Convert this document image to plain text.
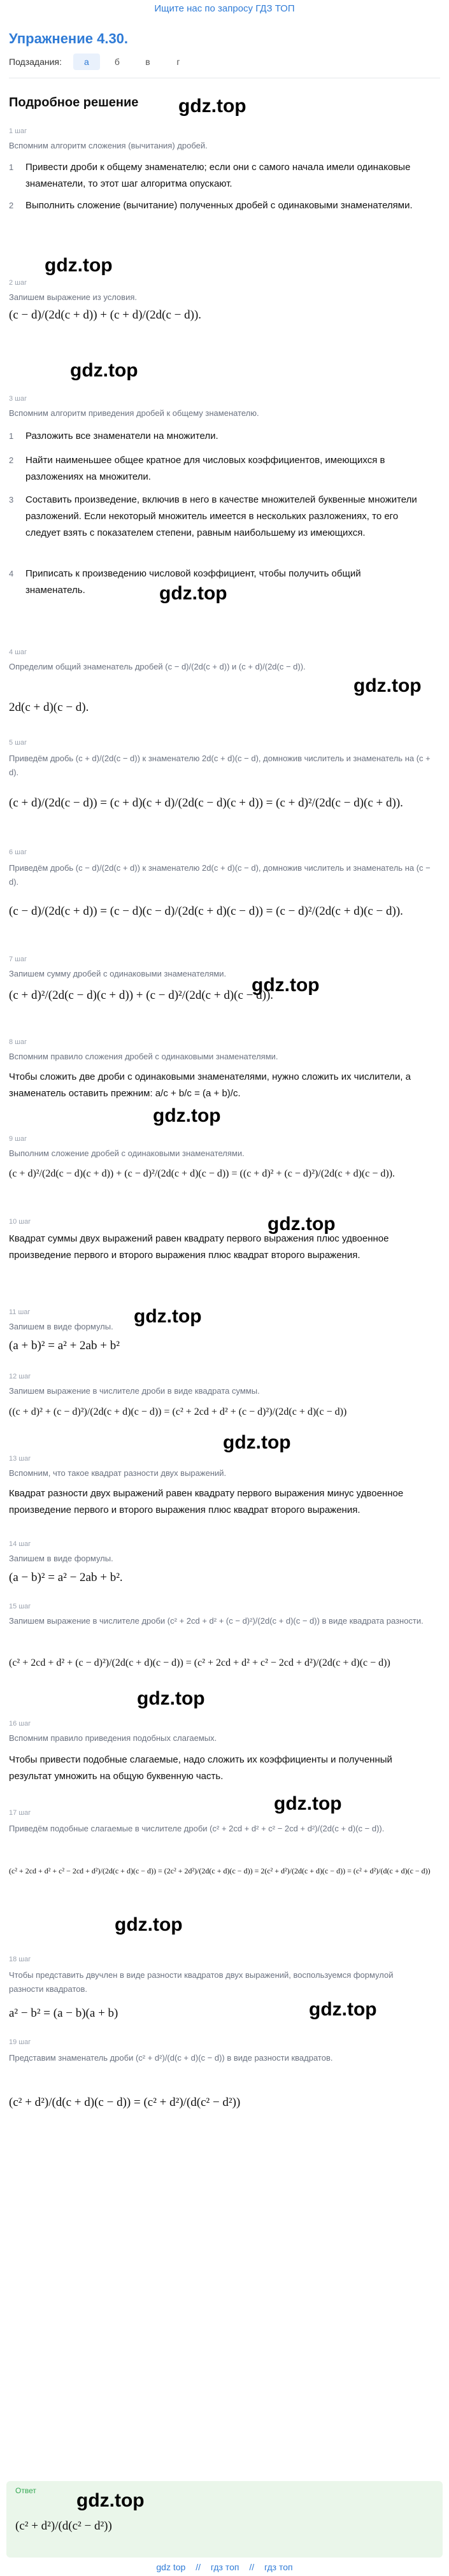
Ищите нас по запросу ГДЗ ТОП
Упражнение 4.30.
Подзадания:	а	б	в	г
Подробное решение
1 шаг
Вспомним алгоритм сложения (вычитания) дробей.
1 Привести дроби к общему знаменателю; если они с самого начала имели одинаковые знаменатели, то этот шаг алгоритма опускают.
2 Выполнить сложение (вычитание) полученных дробей с одинаковыми знаменателями.
gdz.top
gdz.top
2 шаг
Запишем выражение из условия.
(c − d)/(2d(c + d)) + (c + d)/(2d(c − d)).
gdz.top
3 шаг
Вспомним алгоритм приведения дробей к общему знаменателю.
1 Разложить все знаменатели на множители.
2 Найти наименьшее общее кратное для числовых коэффициентов, имеющихся в разложениях на множители.
3 Составить произведение, включив в него в качестве множителей буквенные множители разложений. Если некоторый множитель имеется в нескольких разложениях, то его следует взять с показателем степени, равным наибольшему из имеющихся.
4 Приписать к произведению числовой коэффициент, чтобы получить общий знаменатель.	gdz.top
4 шаг
Определим общий знаменатель дробей (c − d)/(2d(c + d)) и (c + d)/(2d(c − d)).
2d(c + d)(c − d).
gdz.top
5 шаг
Приведём дробь (c + d)/(2d(c − d)) к знаменателю 2d(c + d)(c − d), домножив числитель и знаменатель на (c + d).
(c + d)/(2d(c − d)) = (c + d)(c + d)/(2d(c − d)(c + d)) = (c + d)²/(2d(c − d)(c + d)).
6 шаг
Приведём дробь (c − d)/(2d(c + d)) к знаменателю 2d(c + d)(c − d), домножив числитель и знаменатель на (c − d).
(c − d)/(2d(c + d)) = (c − d)(c − d)/(2d(c + d)(c − d)) = (c − d)²/(2d(c + d)(c − d)).
7 шаг
Запишем сумму дробей с одинаковыми знаменателями.
(c + d)²/(2d(c − d)(c + d)) + (c − d)²/(2d(c + d)(c − d)).
gdz.top
8 шаг
Вспомним правило сложения дробей с одинаковыми знаменателями.
Чтобы сложить две дроби с одинаковыми знаменателями, нужно сложить их числители, а знаменатель оставить прежним: a/c + b/c = (a + b)/c.
gdz.top
9 шаг
Выполним сложение дробей с одинаковыми знаменателями.
(c + d)²/(2d(c − d)(c + d)) + (c − d)²/(2d(c + d)(c − d)) = ((c + d)² + (c − d)²)/(2d(c + d)(c − d)).
gdz.top
10 шаг
Квадрат суммы двух выражений равен квадрату первого выражения плюс удвоенное произведение первого и второго выражения плюс квадрат второго выражения.
11 шаг
Запишем в виде формулы.
(a + b)² = a² + 2ab + b²
gdz.top
12 шаг
Запишем выражение в числителе дроби в виде квадрата суммы.
((c + d)² + (c − d)²)/(2d(c + d)(c − d)) = (c² + 2cd + d² + (c − d)²)/(2d(c + d)(c − d))
gdz.top
13 шаг
Вспомним, что такое квадрат разности двух выражений.
Квадрат разности двух выражений равен квадрату первого выражения минус удвоенное произведение первого и второго выражения плюс квадрат второго выражения.
14 шаг
Запишем в виде формулы.
(a − b)² = a² − 2ab + b².
15 шаг
Запишем выражение в числителе дроби (c² + 2cd + d² + (c − d)²)/(2d(c + d)(c − d)) в виде квадрата разности.
(c² + 2cd + d² + (c − d)²)/(2d(c + d)(c − d)) = (c² + 2cd + d² + c² − 2cd + d²)/(2d(c + d)(c − d))
gdz.top
16 шаг
Вспомним правило приведения подобных слагаемых.
Чтобы привести подобные слагаемые, надо сложить их коэффициенты и полученный результат умножить на общую буквенную часть.
17 шаг
Приведём подобные слагаемые в числителе дроби (c² + 2cd + d² + c² − 2cd + d²)/(2d(c + d)(c − d)).
(c² + 2cd + d² + c² − 2cd + d²)/(2d(c + d)(c − d)) = (2c² + 2d²)/(2d(c + d)(c − d)) = 2(c² + d²)/(2d(c + d)(c − d)) = (c² + d²)/(d(c + d)(c − d))
gdz.top
gdz.top
18 шаг
Чтобы представить двучлен в виде разности квадратов двух выражений, воспользуемся формулой разности квадратов.
a² − b² = (a − b)(a + b)	gdz.top
19 шаг
Представим знаменатель дроби (c² + d²)/(d(c + d)(c − d)) в виде разности квадратов.
(c² + d²)/(d(c + d)(c − d)) = (c² + d²)/(d(c² − d²))
Ответ
(c² + d²)/(d(c² − d²))
gdz.top
gdz top // гдз топ // гдз топ
